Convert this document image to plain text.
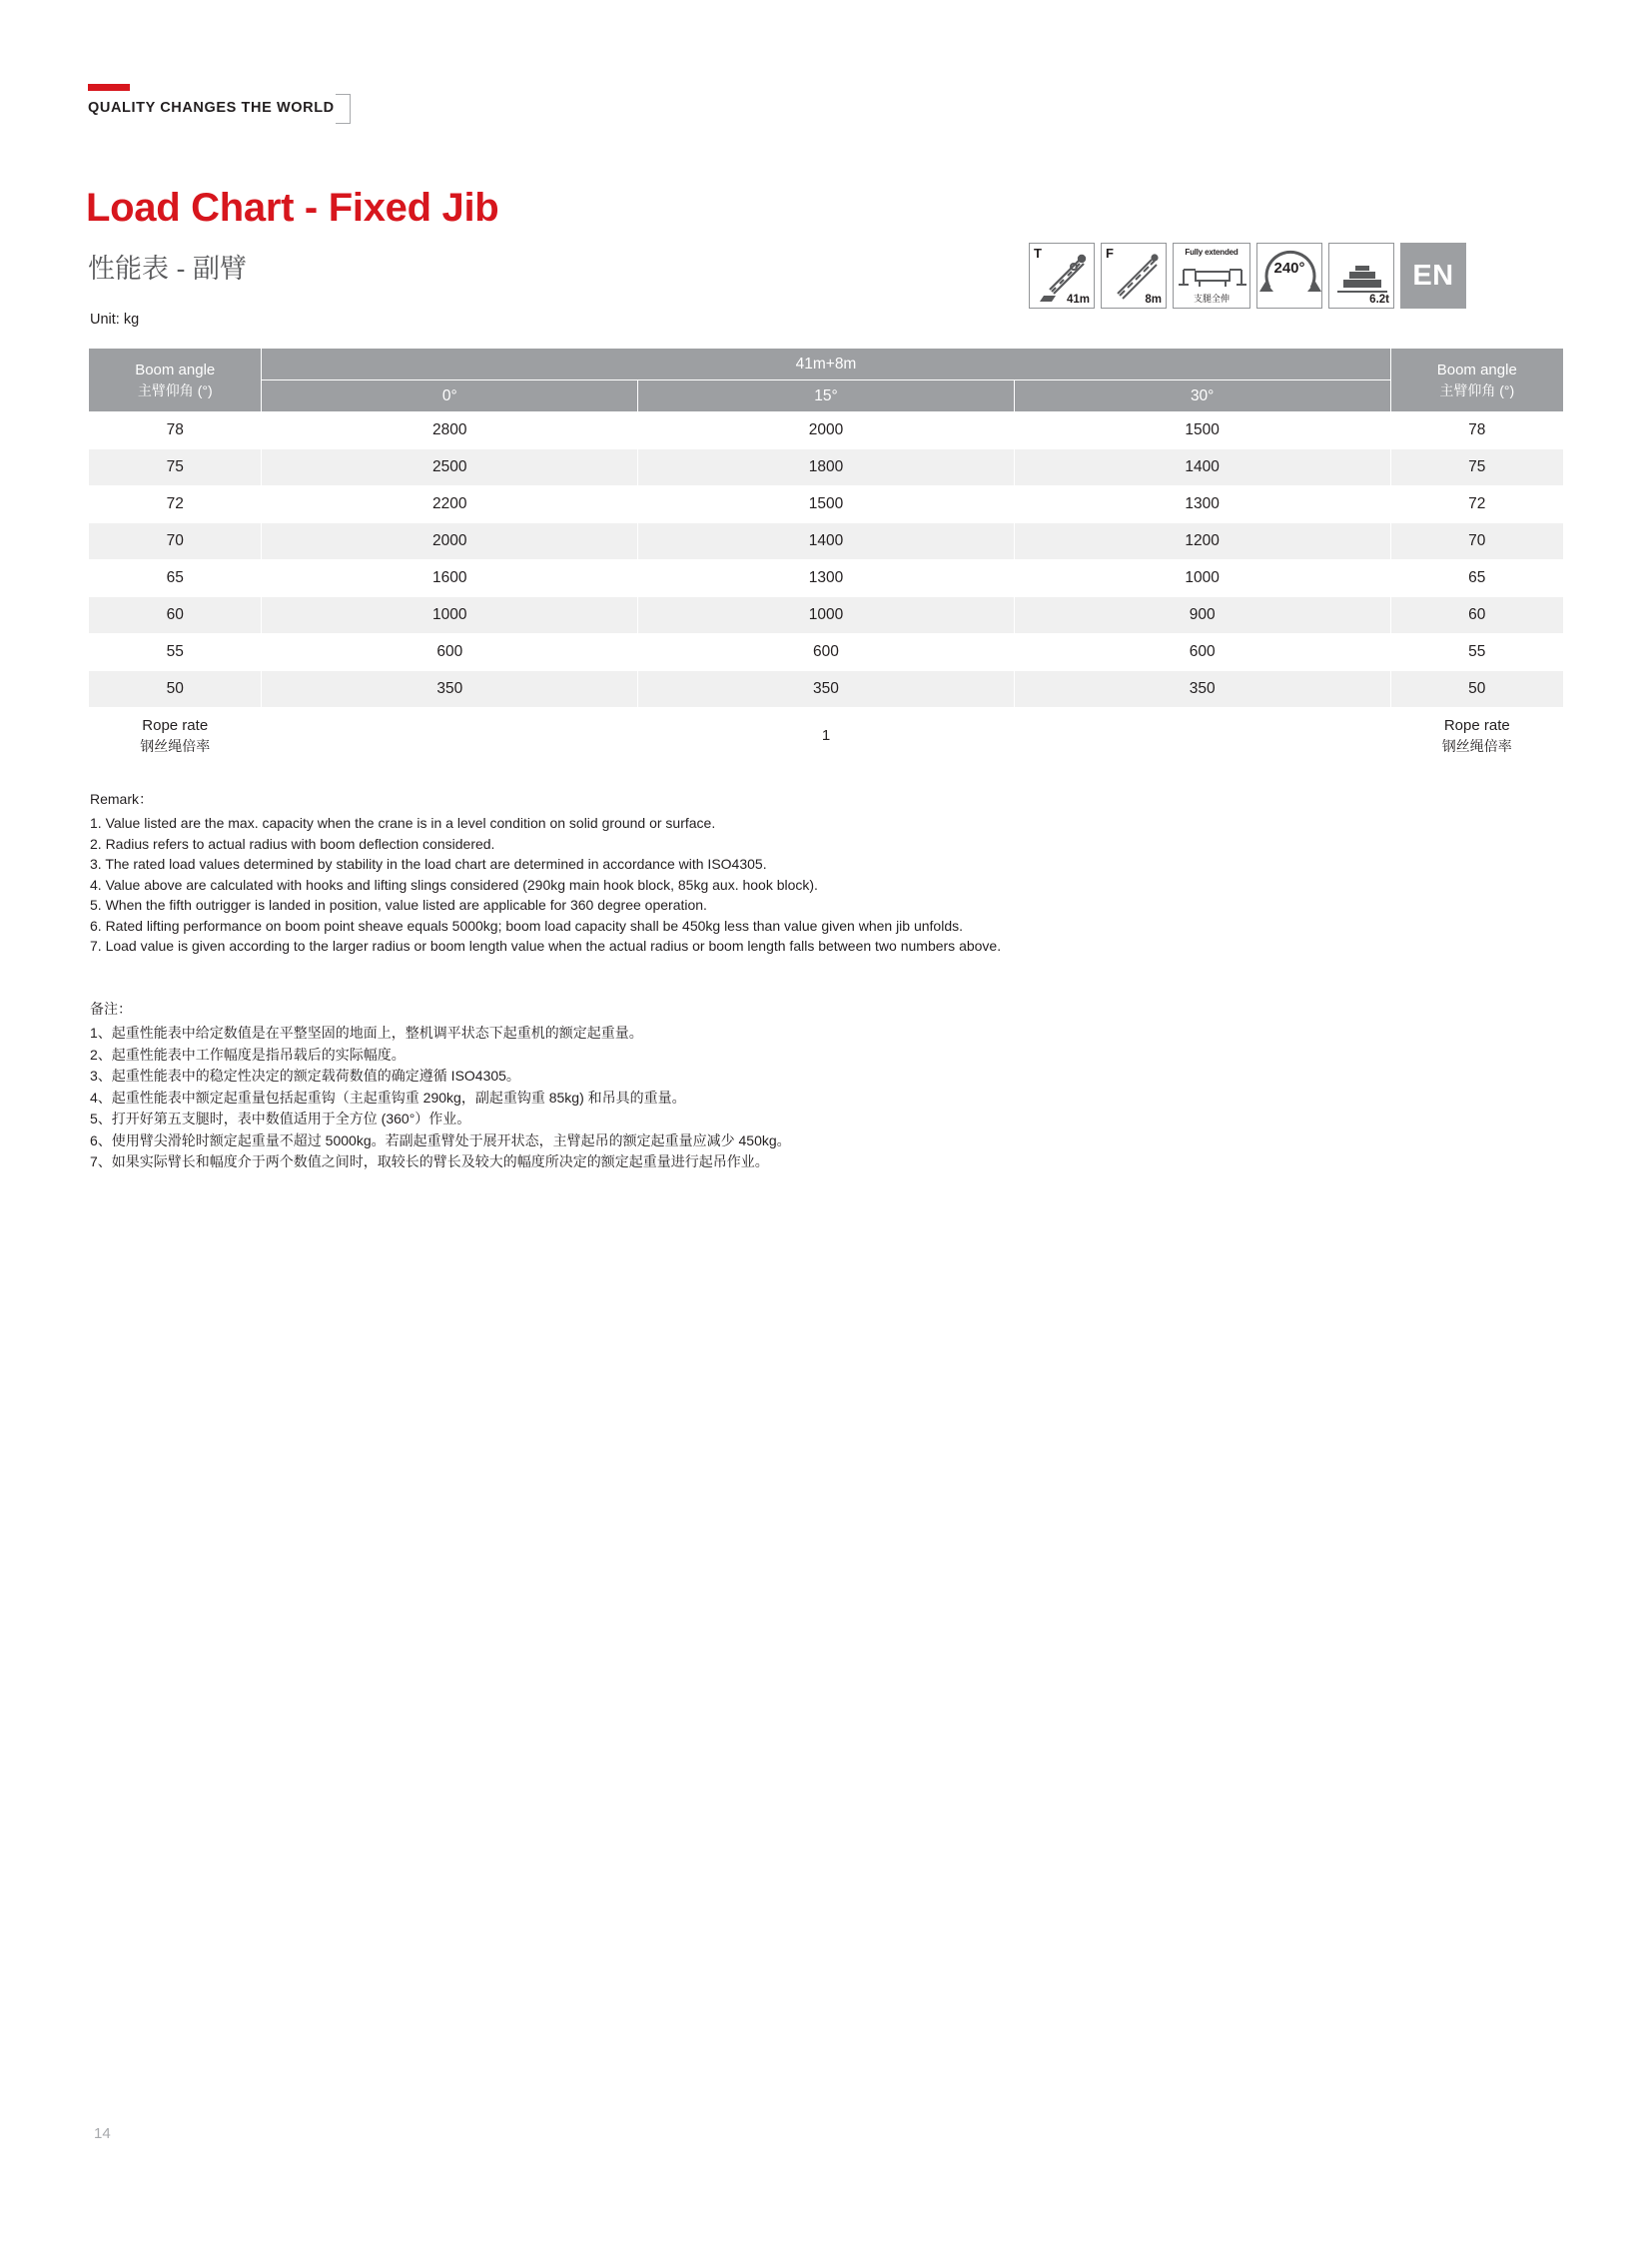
QUALITY CHANGES THE WORLD
Load Chart - Fixed Jib
性能表 - 副臂
Unit: kg
T
41m
F
8m
Fully extended
支腿全伸
240°
6.2t
EN
Boom angle
主臂仰角 (°)
	41m+8m	Boom angle
主臂仰角 (°)

	0°	15°	30°	
78	2800	2000	1500	78
75	2500	1800	1400	75
72	2200	1500	1300	72
70	2000	1400	1200	70
65	1600	1300	1000	65
60	1000	1000	900	60
55	600	600	600	55
50	350	350	350	50

Rope rate
钢丝绳倍率
	1	
Rope rate
钢丝绳倍率
Remark：
1. Value listed are the max. capacity when the crane is in a level condition on solid ground or surface.
2. Radius refers to actual radius with boom deflection considered.
3. The rated load values determined by stability in the load chart are determined in accordance with ISO4305.
4. Value above are calculated with hooks and lifting slings considered (290kg main hook block, 85kg aux. hook block).
5. When the fifth outrigger is landed in position, value listed are applicable for 360 degree operation.
6. Rated lifting performance on boom point sheave equals 5000kg; boom load capacity shall be 450kg less than value given when jib unfolds.
7. Load value is given according to the larger radius or boom length value when the actual radius or boom length falls between two numbers above.
备注：
1、起重性能表中给定数值是在平整坚固的地面上，整机调平状态下起重机的额定起重量。
2、起重性能表中工作幅度是指吊载后的实际幅度。
3、起重性能表中的稳定性决定的额定载荷数值的确定遵循 ISO4305。
4、起重性能表中额定起重量包括起重钩（主起重钩重 290kg，副起重钩重 85kg) 和吊具的重量。
5、打开好第五支腿时，表中数值适用于全方位 (360°）作业。
6、使用臂尖滑轮时额定起重量不超过 5000kg。若副起重臂处于展开状态，主臂起吊的额定起重量应减少 450kg。
7、如果实际臂长和幅度介于两个数值之间时，取较长的臂长及较大的幅度所决定的额定起重量进行起吊作业。
14
